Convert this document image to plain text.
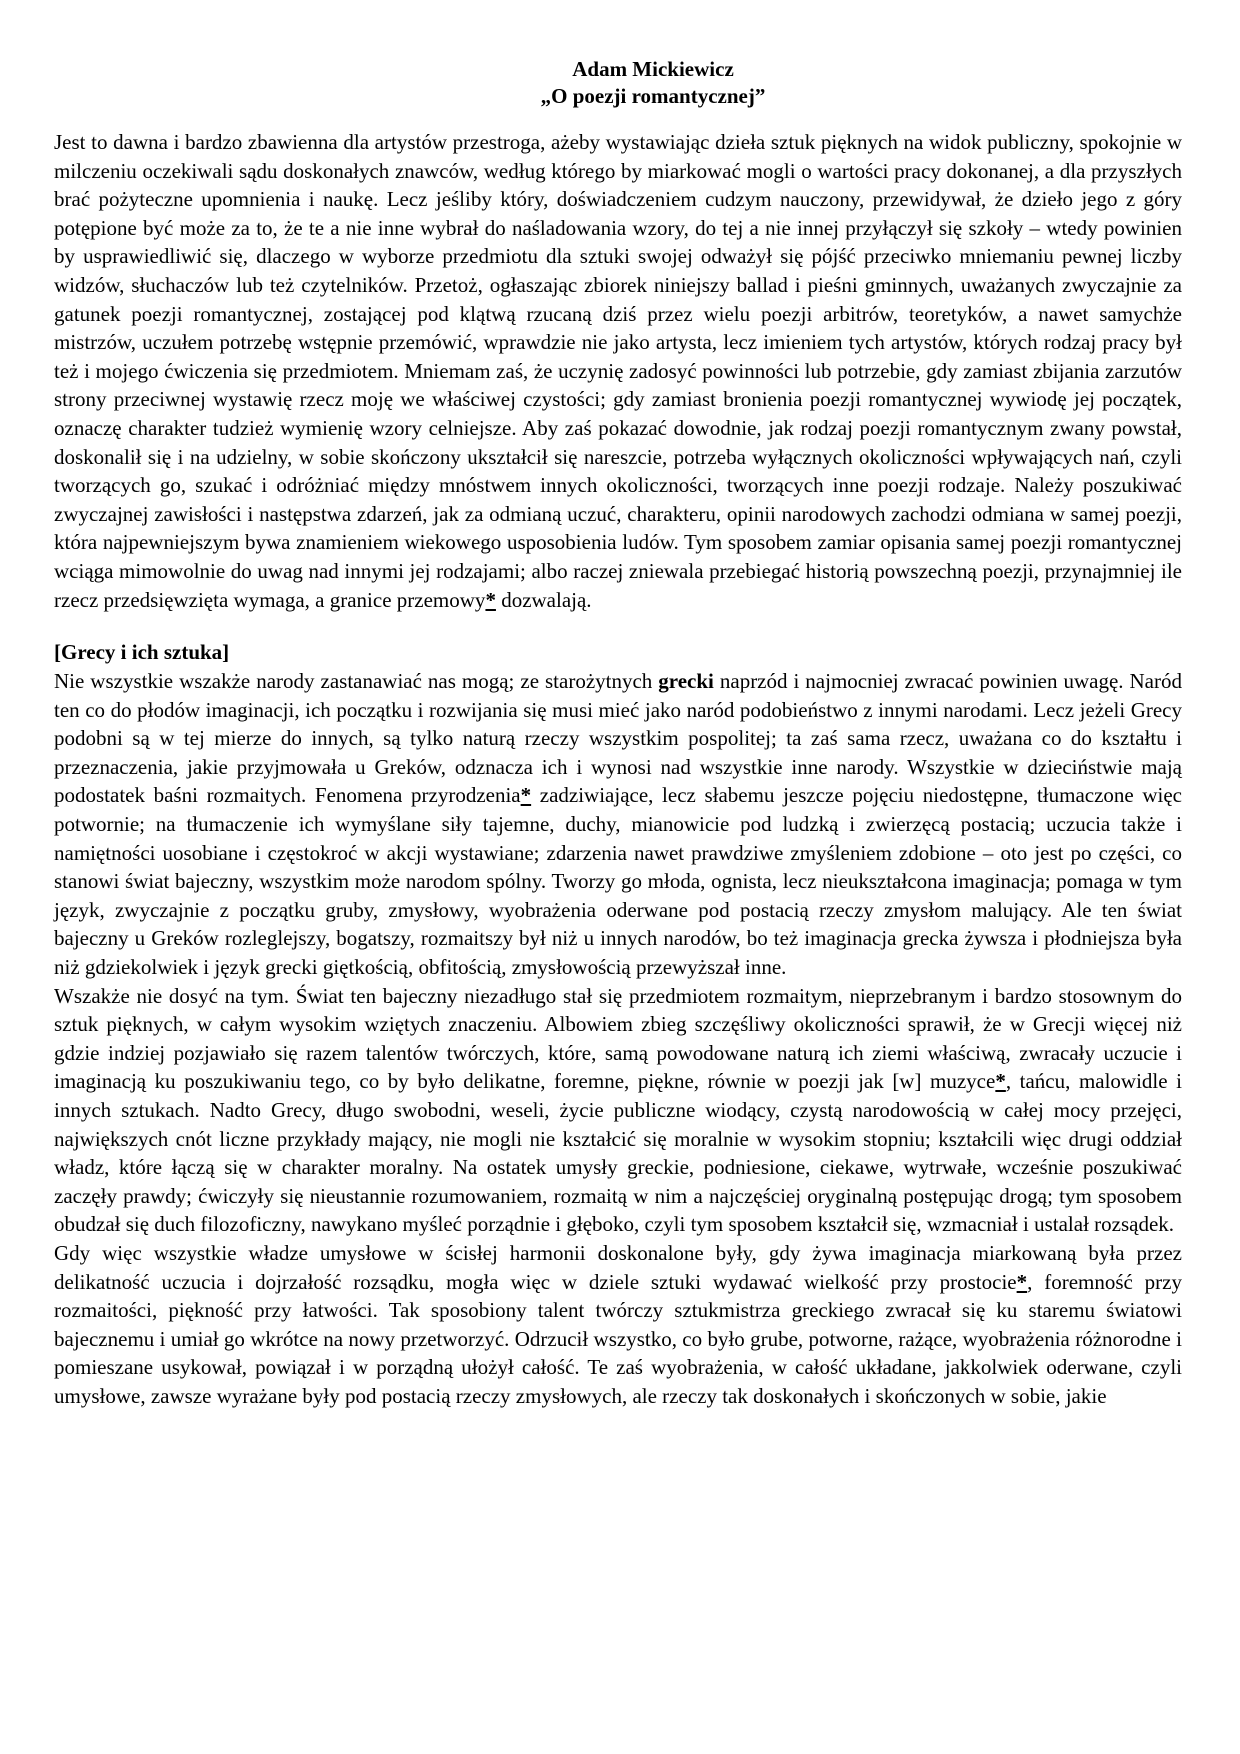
Adam Mickiewicz
„O poezji romantycznej”

Jest to dawna i bardzo zbawienna dla artystów przestroga, ażeby wystawiając dzieła sztuk pięknych na widok publiczny, spokojnie w milczeniu oczekiwali sądu doskonałych znawców, według którego by miarkować mogli o wartości pracy dokonanej, a dla przyszłych brać pożyteczne upomnienia i naukę. Lecz jeśliby który, doświadczeniem cudzym nauczony, przewidywał, że dzieło jego z góry potępione być może za to, że te a nie inne wybrał do naśladowania wzory, do tej a nie innej przyłączył się szkoły – wtedy powinien by usprawiedliwić się, dlaczego w wyborze przedmiotu dla sztuki swojej odważył się pójść przeciwko mniemaniu pewnej liczby widzów, słuchaczów lub też czytelników. Przetoż, ogłaszając zbiorek niniejszy ballad i pieśni gminnych, uważanych zwyczajnie za gatunek poezji romantycznej, zostającej pod klątwą rzucaną dziś przez wielu poezji arbitrów, teoretyków, a nawet samychże mistrzów, uczułem potrzebę wstępnie przemówić, wprawdzie nie jako artysta, lecz imieniem tych artystów, których rodzaj pracy był też i mojego ćwiczenia się przedmiotem. Mniemam zaś, że uczynię zadosyć powinności lub potrzebie, gdy zamiast zbijania zarzutów strony przeciwnej wystawię rzecz moję we właściwej czystości; gdy zamiast bronienia poezji romantycznej wywiodę jej początek, oznaczę charakter tudzież wymienię wzory celniejsze. Aby zaś pokazać dowodnie, jak rodzaj poezji romantycznym zwany powstał, doskonalił się i na udzielny, w sobie skończony ukształcił się nareszcie, potrzeba wyłącznych okoliczności wpływających nań, czyli tworzących go, szukać i odróżniać między mnóstwem innych okoliczności, tworzących inne poezji rodzaje. Należy poszukiwać zwyczajnej zawisłości i następstwa zdarzeń, jak za odmianą uczuć, charakteru, opinii narodowych zachodzi odmiana w samej poezji, która najpewniejszym bywa znamieniem wiekowego usposobienia ludów. Tym sposobem zamiar opisania samej poezji romantycznej wciąga mimowolnie do uwag nad innymi jej rodzajami; albo raczej zniewala przebiegać historią powszechną poezji, przynajmniej ile rzecz przedsięwzięta wymaga, a granice przemowy* dozwalają.

[Grecy i ich sztuka]

Nie wszystkie wszakże narody zastanawiać nas mogą; ze starożytnych grecki naprzód i najmocniej zwracać powinien uwagę. Naród ten co do płodów imaginacji, ich początku i rozwijania się musi mieć jako naród podobieństwo z innymi narodami. Lecz jeżeli Grecy podobni są w tej mierze do innych, są tylko naturą rzeczy wszystkim pospolitej; ta zaś sama rzecz, uważana co do kształtu i przeznaczenia, jakie przyjmowała u Greków, odznacza ich i wynosi nad wszystkie inne narody. Wszystkie w dzieciństwie mają podostatek baśni rozmaitych. Fenomena przyrodzenia* zadziwiające, lecz słabemu jeszcze pojęciu niedostępne, tłumaczone więc potwornie; na tłumaczenie ich wymyślane siły tajemne, duchy, mianowicie pod ludzką i zwierzęcą postacią; uczucia także i namiętności uosobiane i częstokroć w akcji wystawiane; zdarzenia nawet prawdziwe zmyśleniem zdobione – oto jest po części, co stanowi świat bajeczny, wszystkim może narodom spólny. Tworzy go młoda, ognista, lecz nieukształcona imaginacja; pomaga w tym język, zwyczajnie z początku gruby, zmysłowy, wyobrażenia oderwane pod postacią rzeczy zmysłom malujący. Ale ten świat bajeczny u Greków rozleglejszy, bogatszy, rozmaitszy był niż u innych narodów, bo też imaginacja grecka żywsza i płodniejsza była niż gdziekolwiek i język grecki giętkością, obfitością, zmysłowością przewyższał inne.

Wszakże nie dosyć na tym. Świat ten bajeczny niezadługo stał się przedmiotem rozmaitym, nieprzebranym i bardzo stosownym do sztuk pięknych, w całym wysokim wziętych znaczeniu. Albowiem zbieg szczęśliwy okoliczności sprawił, że w Grecji więcej niż gdzie indziej pozjawiało się razem talentów twórczych, które, samą powodowane naturą ich ziemi właściwą, zwracały uczucie i imaginacją ku poszukiwaniu tego, co by było delikatne, foremne, piękne, równie w poezji jak [w] muzyce*, tańcu, malowidle i innych sztukach. Nadto Grecy, długo swobodni, weseli, życie publiczne wiodący, czystą narodowością w całej mocy przejęci, największych cnót liczne przykłady mający, nie mogli nie kształcić się moralnie w wysokim stopniu; kształcili więc drugi oddział władz, które łączą się w charakter moralny. Na ostatek umysły greckie, podniesione, ciekawe, wytrwałe, wcześnie poszukiwać zaczęły prawdy; ćwiczyły się nieustannie rozumowaniem, rozmaitą w nim a najczęściej oryginalną postępując drogą; tym sposobem obudzał się duch filozoficzny, nawykano myśleć porządnie i głęboko, czyli tym sposobem kształcił się, wzmacniał i ustalał rozsądek.

Gdy więc wszystkie władze umysłowe w ścisłej harmonii doskonalone były, gdy żywa imaginacja miarkowaną była przez delikatność uczucia i dojrzałość rozsądku, mogła więc w dziele sztuki wydawać wielkość przy prostocie*, foremność przy rozmaitości, piękność przy łatwości. Tak sposobiony talent twórczy sztukmistrza greckiego zwracał się ku staremu światowi bajecznemu i umiał go wkrótce na nowy przetworzyć. Odrzucił wszystko, co było grube, potworne, rażące, wyobrażenia różnorodne i pomieszane usykował, powiązał i w porządną ułożył całość. Te zaś wyobrażenia, w całość układane, jakkolwiek oderwane, czyli umysłowe, zawsze wyrażane były pod postacią rzeczy zmysłowych, ale rzeczy tak doskonałych i skończonych w sobie, jakie
